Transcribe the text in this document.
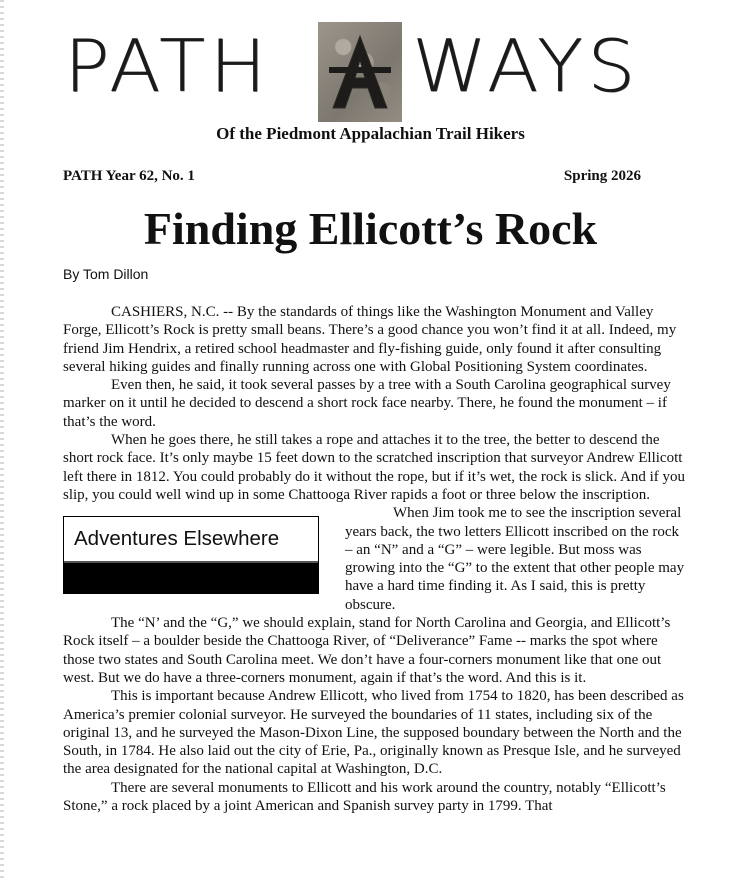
PATH WAYS
Of the Piedmont Appalachian Trail Hikers
PATH Year 62, No. 1	Spring 2026
Finding Ellicott’s Rock
By Tom Dillon

CASHIERS, N.C. -- By the standards of things like the Washington Monument and Valley Forge, Ellicott’s Rock is pretty small beans. There’s a good chance you won’t find it at all. Indeed, my friend Jim Hendrix, a retired school headmaster and fly-fishing guide, only found it after consulting several hiking guides and finally running across one with Global Positioning System coordinates.

Even then, he said, it took several passes by a tree with a South Carolina geographical survey marker on it until he decided to descend a short rock face nearby. There, he found the monument – if that’s the word.

When he goes there, he still takes a rope and attaches it to the tree, the better to descend the short rock face. It’s only maybe 15 feet down to the scratched inscription that surveyor Andrew Ellicott left there in 1812. You could probably do it without the rope, but if it’s wet, the rock is slick. And if you slip, you could well wind up in some Chattooga River rapids a foot or three below the inscription.

Adventures Elsewhere

When Jim took me to see the inscription several years back, the two letters Ellicott inscribed on the rock – an “N” and a “G” – were legible. But moss was growing into the “G” to the extent that other people may have a hard time finding it. As I said, this is pretty obscure.

The “N’ and the “G,” we should explain, stand for North Carolina and Georgia, and Ellicott’s Rock itself – a boulder beside the Chattooga River, of “Deliverance” Fame -- marks the spot where those two states and South Carolina meet. We don’t have a four-corners monument like that one out west. But we do have a three-corners monument, again if that’s the word. And this is it.

This is important because Andrew Ellicott, who lived from 1754 to 1820, has been described as America’s premier colonial surveyor. He surveyed the boundaries of 11 states, including six of the original 13, and he surveyed the Mason-Dixon Line, the supposed boundary between the North and the South, in 1784. He also laid out the city of Erie, Pa., originally known as Presque Isle, and he surveyed the area designated for the national capital at Washington, D.C.

There are several monuments to Ellicott and his work around the country, notably “Ellicott’s Stone,” a rock placed by a joint American and Spanish survey party in 1799. That
